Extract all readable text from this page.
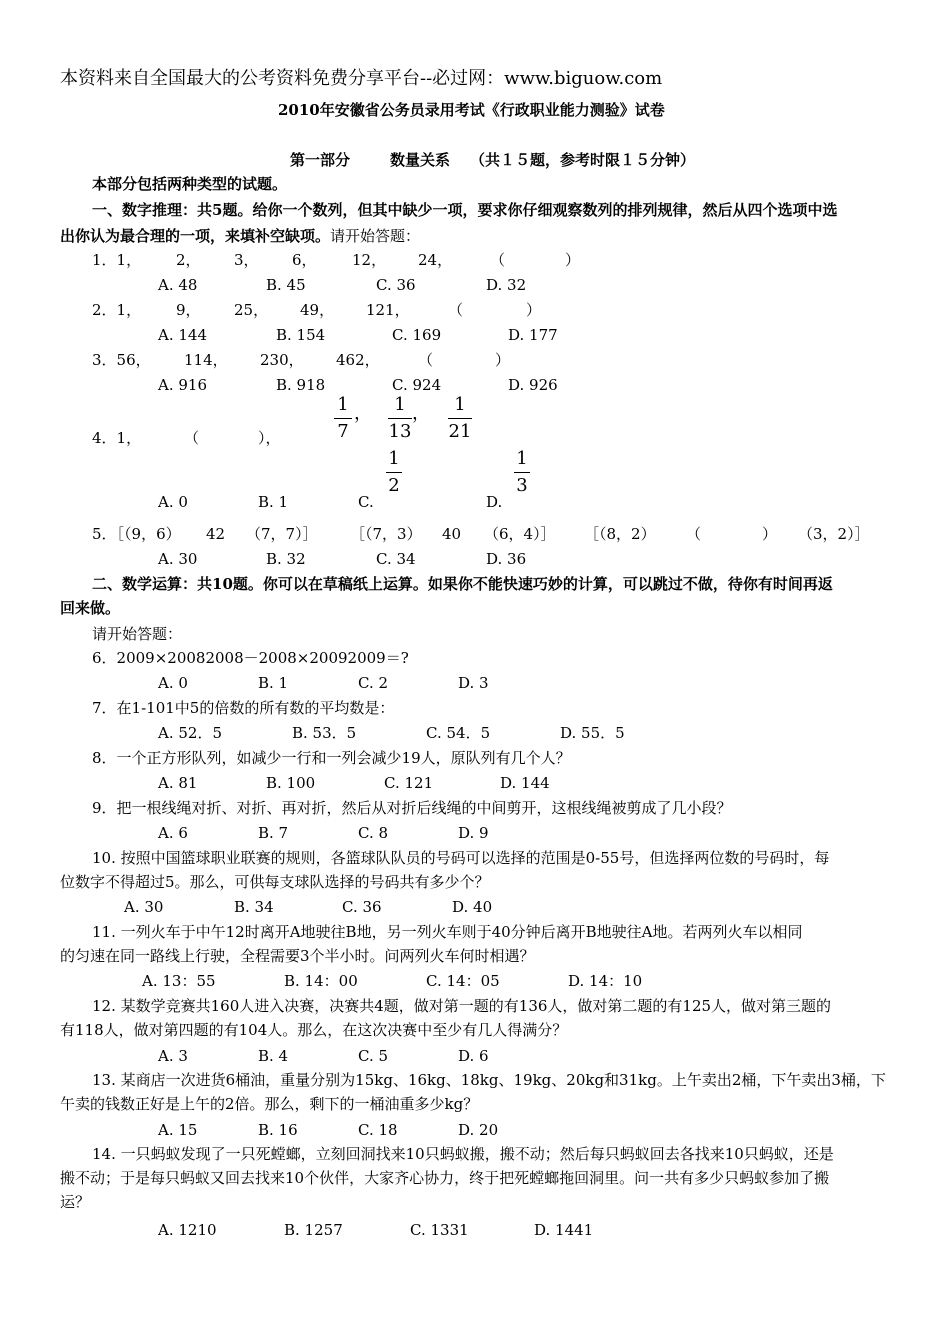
本资料来自全国最大的公考资料免费分享平台--必过网：www.biguow.com
2010年安徽省公务员录用考试《行政职业能力测验》试卷
第一部分	数量关系 （共１５题，参考时限１５分钟）
本部分包括两种类型的试题。
一、数字推理：共5题。给你一个数列，但其中缺少一项，要求你仔细观察数列的排列规律，然后从四个选项中选
出你认为最合理的一项，来填补空缺项。请开始答题：
1．1， 2， 3， 6， 12， 24，	（	）
A. 48	B. 45	C. 36	D. 32
2．1， 9， 25， 49， 121，	（	）
A. 144	B. 154	C. 169	D. 177
3．56， 114， 230， 462，	（	）
A. 916	B. 918	C. 924	D. 926
4．1，	（	），
1
7
，	1
13
，	1
21
A. 0	B. 1	C.
1
2
D.
1
3
5．［（9，6） 42 （7，7）］ ［（7，3） 40 （6，4）］ ［（8，2） （	） （3，2）］
A. 30	B. 32	C. 34	D. 36
二、数学运算：共10题。你可以在草稿纸上运算。如果你不能快速巧妙的计算，可以跳过不做，待你有时间再返
回来做。
请开始答题：
6．2009×20082008－2008×20092009＝?
A. 0	B. 1	C. 2	D. 3
7．在1-101中5的倍数的所有数的平均数是：
A. 52．5	B. 53．5	C. 54．5	D. 55．5
8．一个正方形队列，如减少一行和一列会减少19人，原队列有几个人？
A. 81	B. 100	C. 121	D. 144
9．把一根线绳对折、对折、再对折，然后从对折后线绳的中间剪开，这根线绳被剪成了几小段？
A. 6	B. 7	C. 8	D. 9
10. 按照中国篮球职业联赛的规则，各篮球队队员的号码可以选择的范围是0-55号，但选择两位数的号码时，每
位数字不得超过5。那么，可供每支球队选择的号码共有多少个？
A. 30	B. 34	C. 36	D. 40
11. 一列火车于中午12时离开A地驶往B地，另一列火车则于40分钟后离开B地驶往A地。若两列火车以相同
的匀速在同一路线上行驶，全程需要3个半小时。问两列火车何时相遇？
A. 13：55	B. 14：00	C. 14：05	D. 14：10
12. 某数学竞赛共160人进入决赛，决赛共4题，做对第一题的有136人，做对第二题的有125人，做对第三题的
有118人，做对第四题的有104人。那么，在这次决赛中至少有几人得满分？
A. 3	B. 4	C. 5	D. 6
13. 某商店一次进货6桶油，重量分别为15kg、16kg、18kg、19kg、20kg和31kg。上午卖出2桶，下午卖出3桶，下
午卖的钱数正好是上午的2倍。那么，剩下的一桶油重多少kg？
A. 15	B. 16	C. 18	D. 20
14. 一只蚂蚁发现了一只死螳螂，立刻回洞找来10只蚂蚁搬，搬不动；然后每只蚂蚁回去各找来10只蚂蚁，还是
搬不动；于是每只蚂蚁又回去找来10个伙伴，大家齐心协力，终于把死螳螂拖回洞里。问一共有多少只蚂蚁参加了搬
运？
A. 1210	B. 1257	C. 1331	D. 1441
